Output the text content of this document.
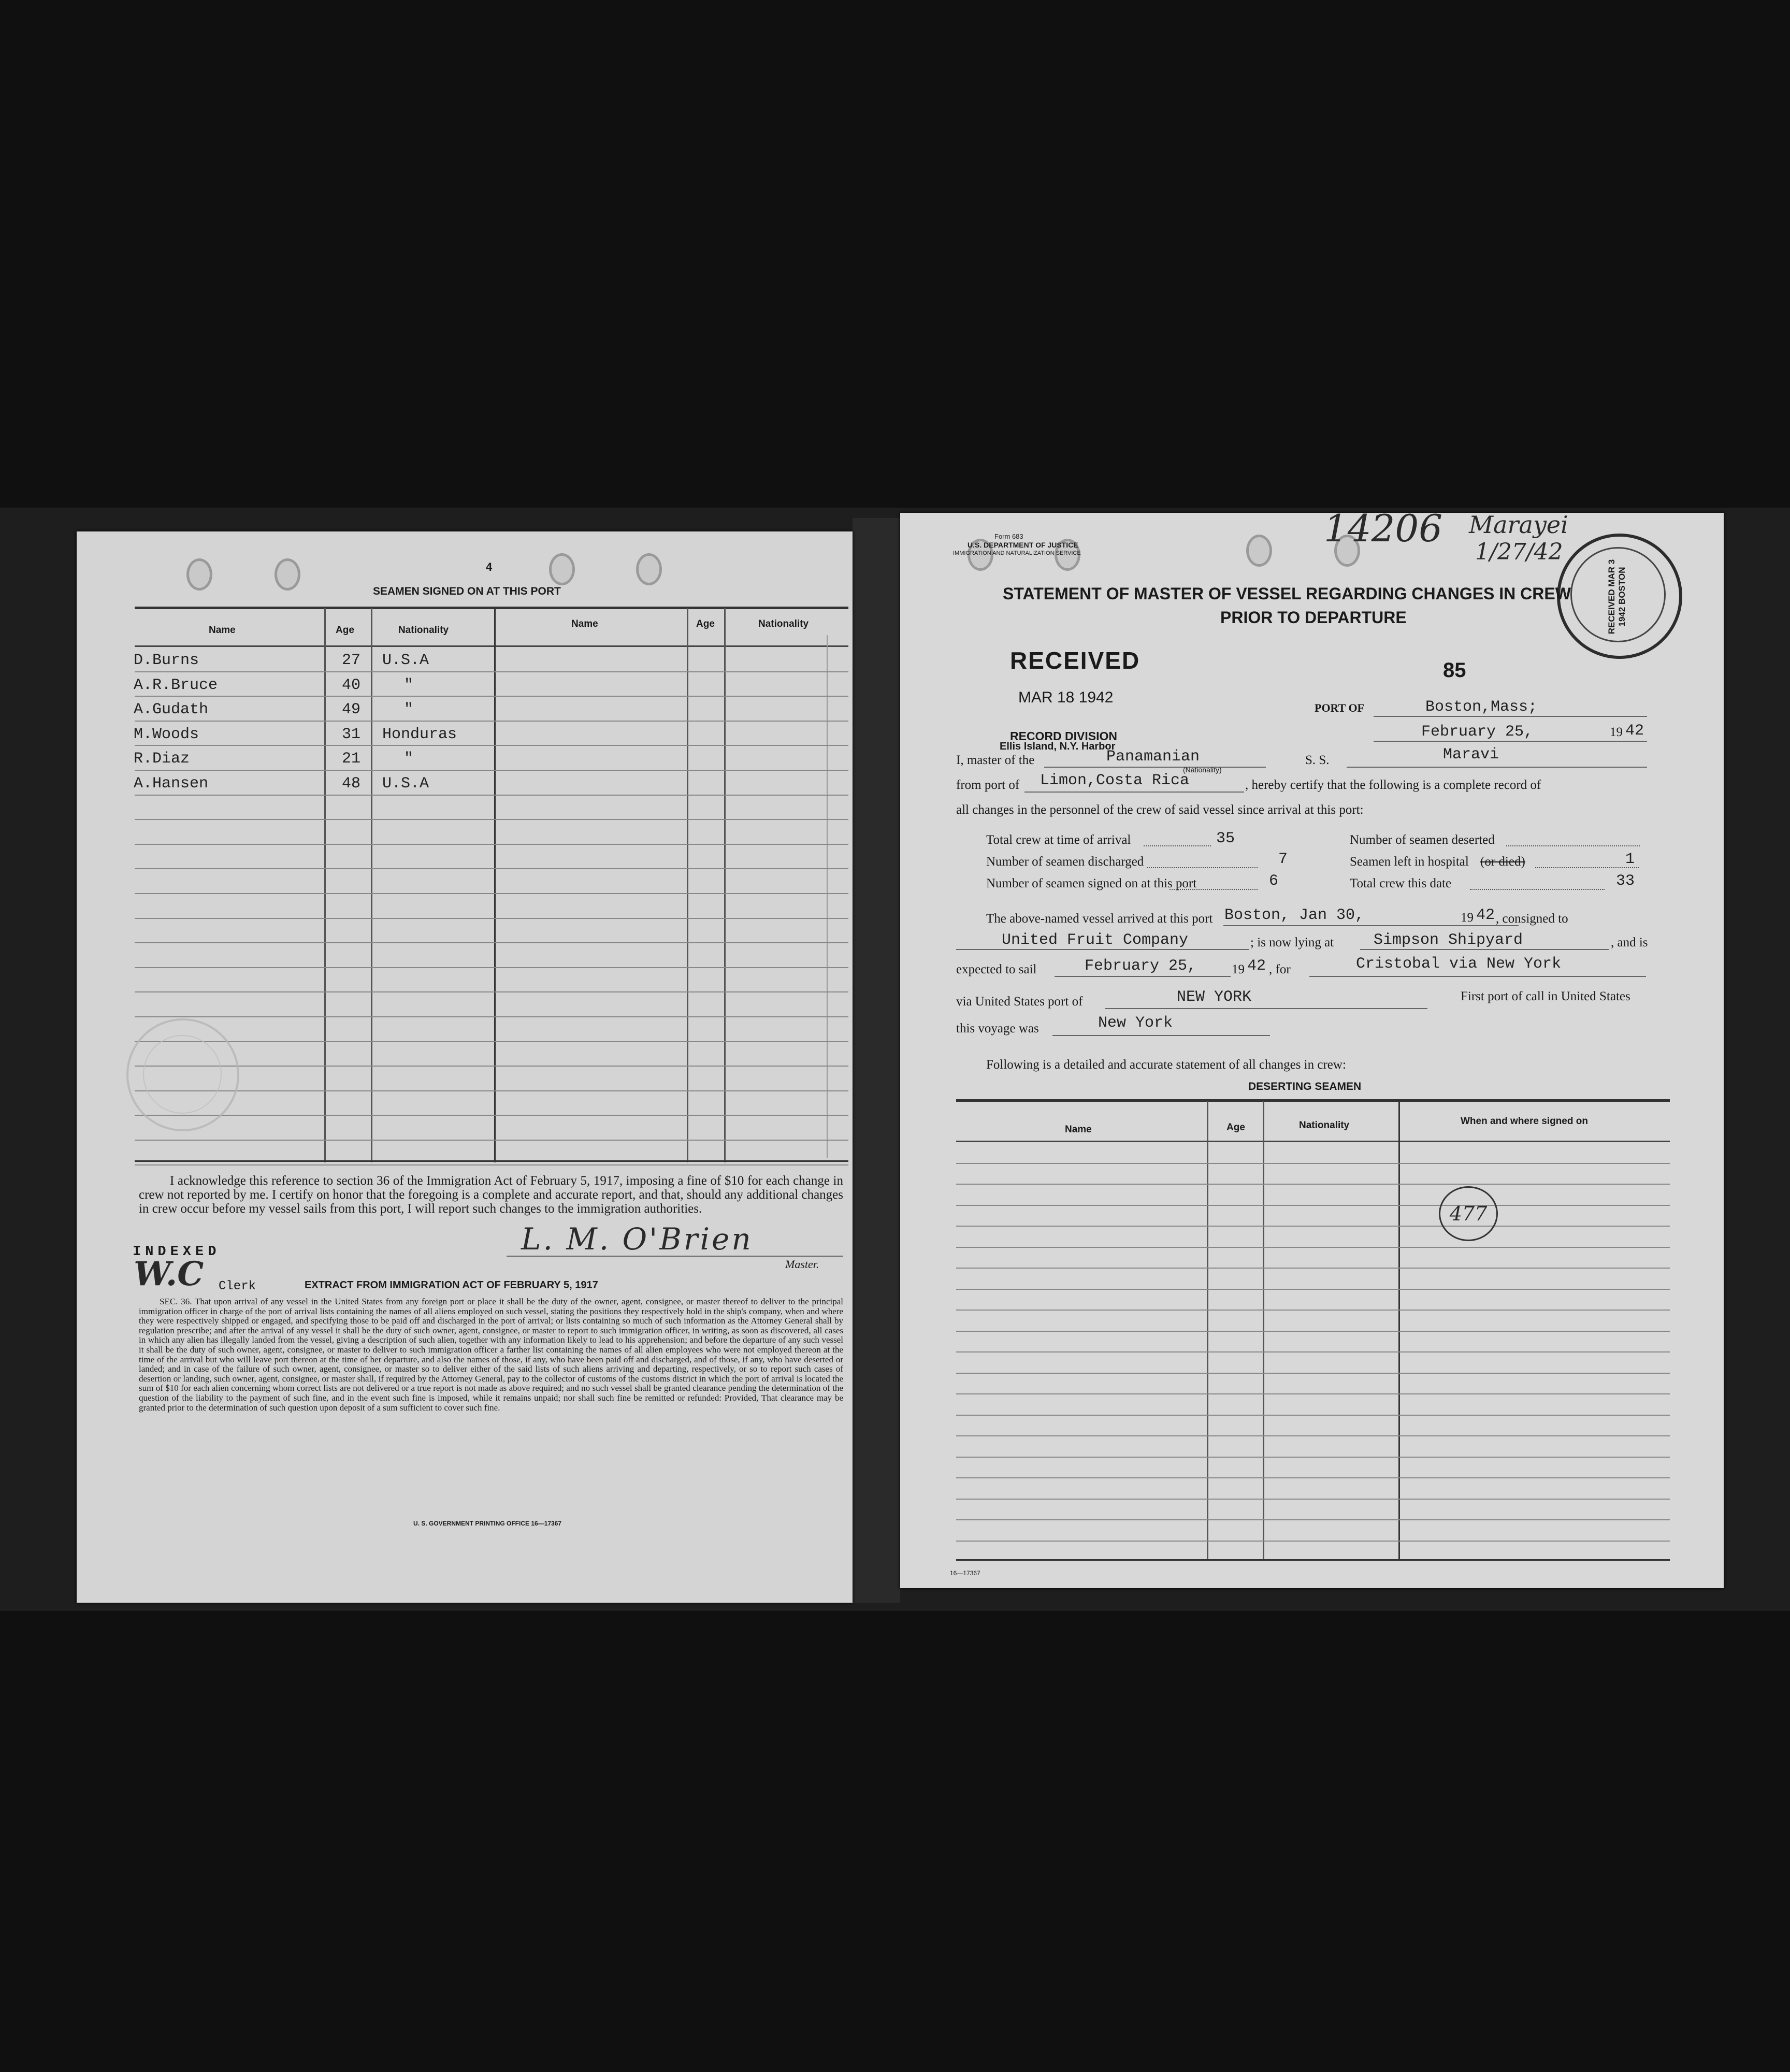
4
SEAMEN SIGNED ON AT THIS PORT
Name	Age	Nationality
Name	Age	Nationality
D.Burns	27 U.S.A
A.R.Bruce	40	"
A.Gudath	49	"
M.Woods	31 Honduras
R.Diaz	21	"
A.Hansen	48 U.S.A
I acknowledge this reference to section 36 of the Immigration Act of February 5, 1917, imposing a fine of $10 for each change in crew not reported by me. I certify on honor that the foregoing is a complete and accurate report, and that, should any additional changes in crew occur before my vessel sails from this port, I will report such changes to the immigration authorities.
INDEXED	L. M. O'Brien
Master.
W.C Clerk	EXTRACT FROM IMMIGRATION ACT OF FEBRUARY 5, 1917
SEC. 36. That upon arrival of any vessel in the United States from any foreign port or place it shall be the duty of the owner, agent, consignee, or master thereof to deliver to the principal immigration officer in charge of the port of arrival lists containing the names of all aliens employed on such vessel, stating the positions they respectively hold in the ship's company, when and where they were respectively shipped or engaged, and specifying those to be paid off and discharged in the port of arrival; or lists containing so much of such information as the Attorney General shall by regulation prescribe; and after the arrival of any vessel it shall be the duty of such owner, agent, consignee, or master to report to such immigration officer, in writing, as soon as discovered, all cases in which any alien has illegally landed from the vessel, giving a description of such alien, together with any information likely to lead to his apprehension; and before the departure of any such vessel it shall be the duty of such owner, agent, consignee, or master to deliver to such immigration officer a farther list containing the names of all alien employees who were not employed thereon at the time of the arrival but who will leave port thereon at the time of her departure, and also the names of those, if any, who have been paid off and discharged, and of those, if any, who have deserted or landed; and in case of the failure of such owner, agent, consignee, or master so to deliver either of the said lists of such aliens arriving and departing, respectively, or so to report such cases of desertion or landing, such owner, agent, consignee, or master shall, if required by the Attorney General, pay to the collector of customs of the customs district in which the port of arrival is located the sum of $10 for each alien concerning whom correct lists are not delivered or a true report is not made as above required; and no such vessel shall be granted clearance pending the determination of the question of the liability to the payment of such fine, and in the event such fine is imposed, while it remains unpaid; nor shall such fine be remitted or refunded: Provided, That clearance may be granted prior to the determination of such question upon deposit of a sum sufficient to cover such fine.
U. S. GOVERNMENT PRINTING OFFICE 16—17367
Form 683
U.S. DEPARTMENT OF JUSTICE
IMMIGRATION AND NATURALIZATION SERVICE
14206 Marayei
1/27/42
RECEIVED MAR 3 1942 BOSTON
STATEMENT OF MASTER OF VESSEL REGARDING CHANGES IN CREW
PRIOR TO DEPARTURE
RECEIVED
MAR 18 1942
RECORD DIVISION
Ellis Island, N.Y. Harbor
85
PORT OF	Boston,Mass;
February 25,	19 42
I, master of the	Panamanian
(Nationality)
S. S.	Maravi
from port of Limon,Costa Rica	, hereby certify that the following is a complete record of
all changes in the personnel of the crew of said vessel since arrival at this port:
Total crew at time of arrival	35	Number of seamen deserted
Number of seamen discharged	7	Seamen left in hospital (or died)	1
Number of seamen signed on at this port	6	Total crew this date	33
The above-named vessel arrived at this port Boston, Jan 30,	19 42 , consigned to
United Fruit Company	; is now lying at	Simpson Shipyard	, and is
expected to sail	February 25,	19 42 , for	Cristobal via New York
via United States port of	NEW YORK	First port of call in United States
this voyage was	New York
Following is a detailed and accurate statement of all changes in crew:
DESERTING SEAMEN
Name	Age	Nationality	When and where signed on
477
16—17367
